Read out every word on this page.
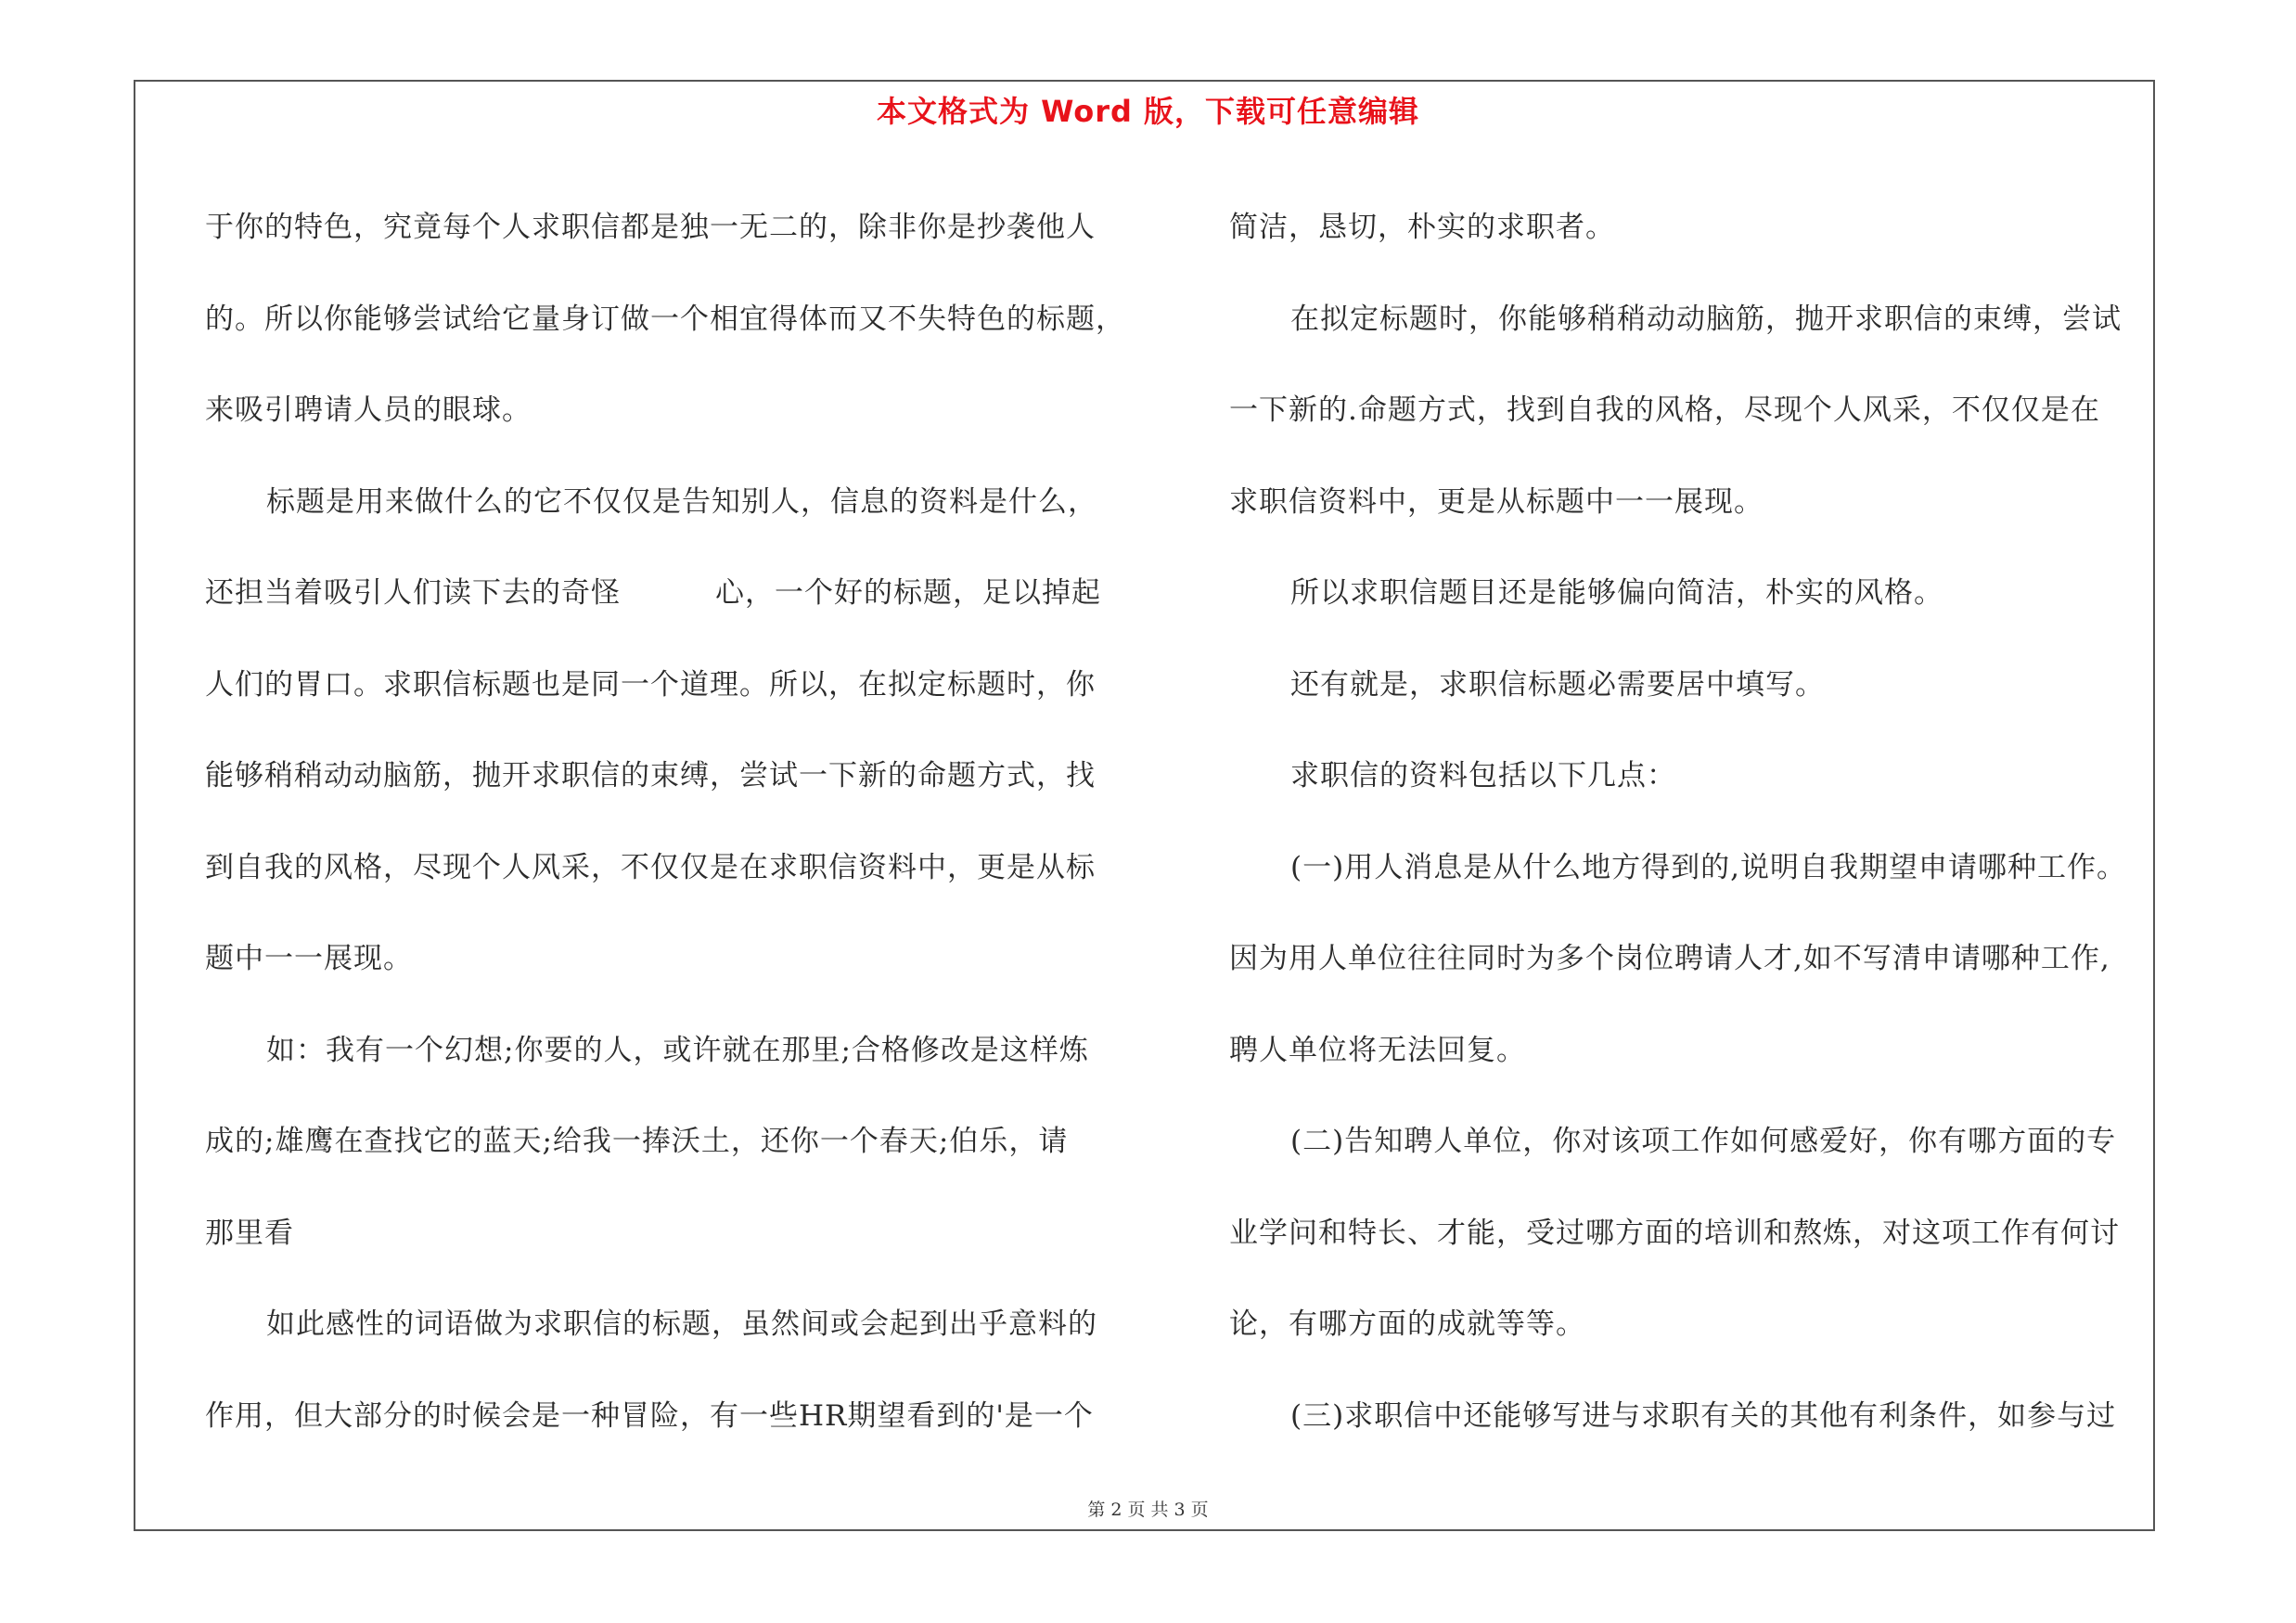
本文格式为 Word 版，下载可任意编辑
于你的特色，究竟每个人求职信都是独一无二的，除非你是抄袭他人
的。所以你能够尝试给它量身订做一个相宜得体而又不失特色的标题，
来吸引聘请人员的眼球。
标题是用来做什么的它不仅仅是告知别人，信息的资料是什么，
还担当着吸引人们读下去的奇怪	心，一个好的标题，足以掉起
人们的胃口。求职信标题也是同一个道理。所以，在拟定标题时，你
能够稍稍动动脑筋，抛开求职信的束缚，尝试一下新的命题方式，找
到自我的风格，尽现个人风采，不仅仅是在求职信资料中，更是从标
题中一一展现。
如：我有一个幻想;你要的人，或许就在那里;合格修改是这样炼
成的;雄鹰在查找它的蓝天;给我一捧沃土，还你一个春天;伯乐，请
那里看
如此感性的词语做为求职信的标题，虽然间或会起到出乎意料的
作用，但大部分的时候会是一种冒险，有一些HR期望看到的'是一个
简洁，恳切，朴实的求职者。
在拟定标题时，你能够稍稍动动脑筋，抛开求职信的束缚，尝试
一下新的.命题方式，找到自我的风格，尽现个人风采，不仅仅是在
求职信资料中，更是从标题中一一展现。
所以求职信题目还是能够偏向简洁，朴实的风格。
还有就是，求职信标题必需要居中填写。
求职信的资料包括以下几点：
(一)用人消息是从什么地方得到的,说明自我期望申请哪种工作。
因为用人单位往往同时为多个岗位聘请人才,如不写清申请哪种工作,
聘人单位将无法回复。
(二)告知聘人单位，你对该项工作如何感爱好，你有哪方面的专
业学问和特长、才能，受过哪方面的培训和熬炼，对这项工作有何讨
论，有哪方面的成就等等。
(三)求职信中还能够写进与求职有关的其他有利条件，如参与过
第 2 页 共 3 页
